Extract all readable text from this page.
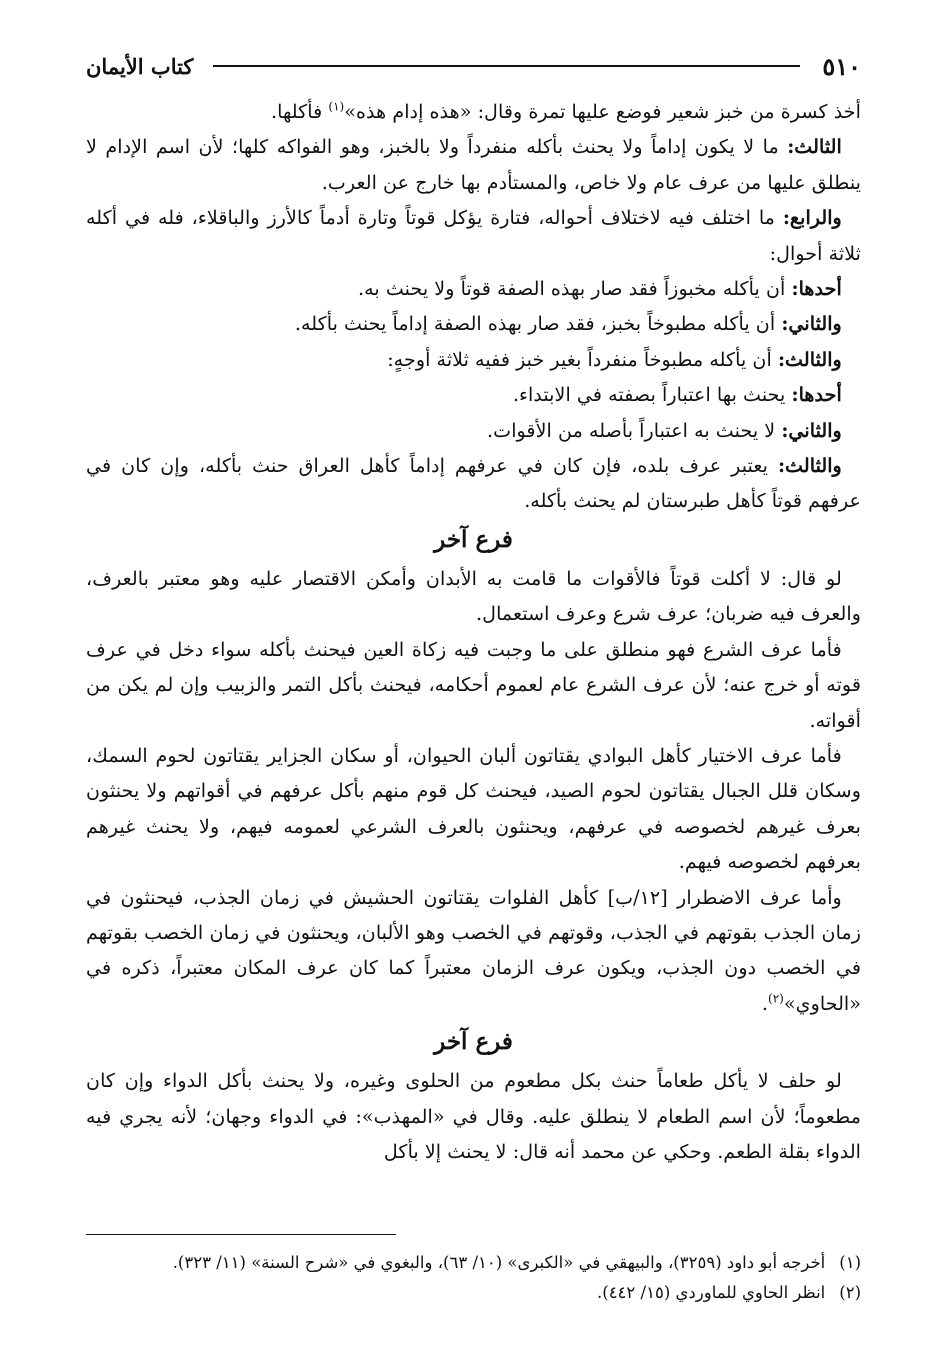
٥١٠
كتاب الأيمان

أخذ كسرة من خبز شعير فوضع عليها تمرة وقال: «هذه إدام هذه»$^{(١)}$ فأكلها.

 الثالث: ما لا يكون إداماً ولا يحنث بأكله منفرداً ولا بالخبز، وهو الفواكه كلها؛ لأن اسم الإدام لا ينطلق عليها من عرف عام ولا خاص، والمستأدم بها خارج عن العرب.

 والرابع: ما اختلف فيه لاختلاف أحواله، فتارة يؤكل قوتاً وتارة أدماً كالأرز والباقلاء، فله في أكله ثلاثة أحوال:

 أحدها: أن يأكله مخبوزاً فقد صار بهذه الصفة قوتاً ولا يحنث به.

 والثاني: أن يأكله مطبوخاً بخبز، فقد صار بهذه الصفة إداماً يحنث بأكله.

 والثالث: أن يأكله مطبوخاً منفرداً بغير خبز ففيه ثلاثة أوجهٍ:

 أحدها: يحنث بها اعتباراً بصفته في الابتداء.

 والثاني: لا يحنث به اعتباراً بأصله من الأقوات.

 والثالث: يعتبر عرف بلده، فإن كان في عرفهم إداماً كأهل العراق حنث بأكله، وإن كان في عرفهم قوتاً كأهل طبرستان لم يحنث بأكله.

فرع آخر

 لو قال: لا أكلت قوتاً فالأقوات ما قامت به الأبدان وأمكن الاقتصار عليه وهو معتبر بالعرف، والعرف فيه ضربان؛ عرف شرع وعرف استعمال.

 فأما عرف الشرع فهو منطلق على ما وجبت فيه زكاة العين فيحنث بأكله سواء دخل في عرف قوته أو خرج عنه؛ لأن عرف الشرع عام لعموم أحكامه، فيحنث بأكل التمر والزبيب وإن لم يكن من أقواته.

 فأما عرف الاختيار كأهل البوادي يقتاتون ألبان الحيوان، أو سكان الجزاير يقتاتون لحوم السمك، وسكان قلل الجبال يقتاتون لحوم الصيد، فيحنث كل قوم منهم بأكل عرفهم في أقواتهم ولا يحنثون بعرف غيرهم لخصوصه في عرفهم، ويحنثون بالعرف الشرعي لعمومه فيهم، ولا يحنث غيرهم بعرفهم لخصوصه فيهم.

 وأما عرف الاضطرار [١٢/ب] كأهل الفلوات يقتاتون الحشيش في زمان الجذب، فيحنثون في زمان الجذب بقوتهم في الجذب، وقوتهم في الخصب وهو الألبان، ويحنثون في زمان الخصب بقوتهم في الخصب دون الجذب، ويكون عرف الزمان معتبراً كما كان عرف المكان معتبراً، ذكره في «الحاوي»$^{(٢)}$.

فرع آخر

 لو حلف لا يأكل طعاماً حنث بكل مطعوم من الحلوى وغيره، ولا يحنث بأكل الدواء وإن كان مطعوماً؛ لأن اسم الطعام لا ينطلق عليه. وقال في «المهذب»: في الدواء وجهان؛ لأنه يجري فيه الدواء بقلة الطعم. وحكي عن محمد أنه قال: لا يحنث إلا بأكل

(١)أخرجه أبو داود (٣٢٥٩)، والبيهقي في «الكبرى» (١٠/ ٦٣)، والبغوي في «شرح السنة» (١١/ ٣٢٣).

(٢)انظر الحاوي للماوردي (١٥/ ٤٤٢).
